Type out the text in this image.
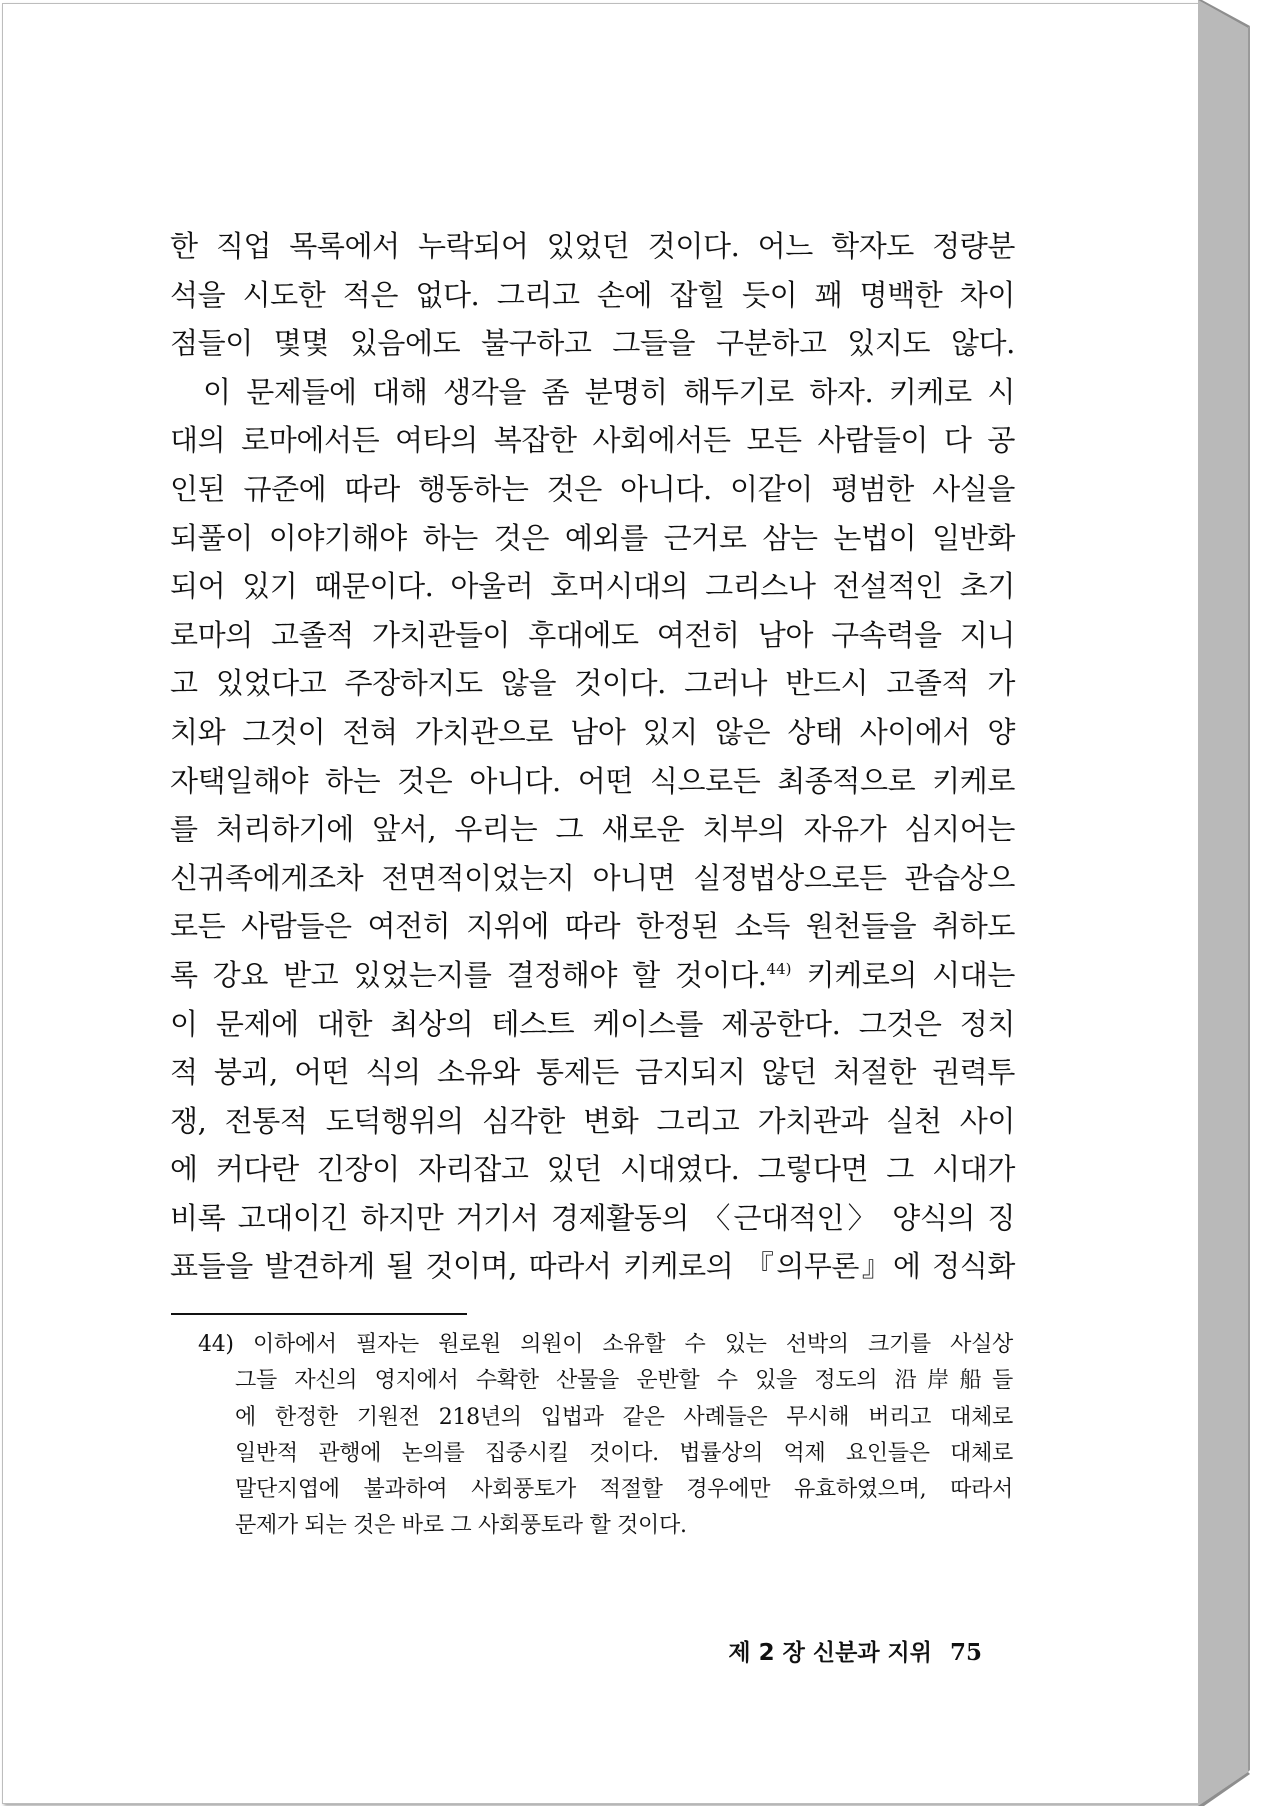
한 직업 목록에서 누락되어 있었던 것이다. 어느 학자도 정량분
석을 시도한 적은 없다. 그리고 손에 잡힐 듯이 꽤 명백한 차이
점들이 몇몇 있음에도 불구하고 그들을 구분하고 있지도 않다.
이 문제들에 대해 생각을 좀 분명히 해두기로 하자. 키케로 시
대의 로마에서든 여타의 복잡한 사회에서든 모든 사람들이 다 공
인된 규준에 따라 행동하는 것은 아니다. 이같이 평범한 사실을
되풀이 이야기해야 하는 것은 예외를 근거로 삼는 논법이 일반화
되어 있기 때문이다. 아울러 호머시대의 그리스나 전설적인 초기
로마의 고졸적 가치관들이 후대에도 여전히 남아 구속력을 지니
고 있었다고 주장하지도 않을 것이다. 그러나 반드시 고졸적 가
치와 그것이 전혀 가치관으로 남아 있지 않은 상태 사이에서 양
자택일해야 하는 것은 아니다. 어떤 식으로든 최종적으로 키케로
를 처리하기에 앞서, 우리는 그 새로운 치부의 자유가 심지어는
신귀족에게조차 전면적이었는지 아니면 실정법상으로든 관습상으
로든 사람들은 여전히 지위에 따라 한정된 소득 원천들을 취하도
록 강요 받고 있었는지를 결정해야 할 것이다.$^{44)}$ 키케로의 시대는
이 문제에 대한 최상의 테스트 케이스를 제공한다. 그것은 정치
적 붕괴, 어떤 식의 소유와 통제든 금지되지 않던 처절한 권력투
쟁, 전통적 도덕행위의 심각한 변화 그리고 가치관과 실천 사이
에 커다란 긴장이 자리잡고 있던 시대였다. 그렇다면 그 시대가
비록 고대이긴 하지만 거기서 경제활동의 〈근대적인〉 양식의 징
표들을 발견하게 될 것이며, 따라서 키케로의 『의무론』에 정식화
44) 이하에서 필자는 원로원 의원이 소유할 수 있는 선박의 크기를 사실상
그들 자신의 영지에서 수확한 산물을 운반할 수 있을 정도의 沿岸船들
에 한정한 기원전 218년의 입법과 같은 사례들은 무시해 버리고 대체로
일반적 관행에 논의를 집중시킬 것이다. 법률상의 억제 요인들은 대체로
말단지엽에 불과하여 사회풍토가 적절할 경우에만 유효하였으며, 따라서
문제가 되는 것은 바로 그 사회풍토라 할 것이다.
제 2 장 신분과 지위 75
